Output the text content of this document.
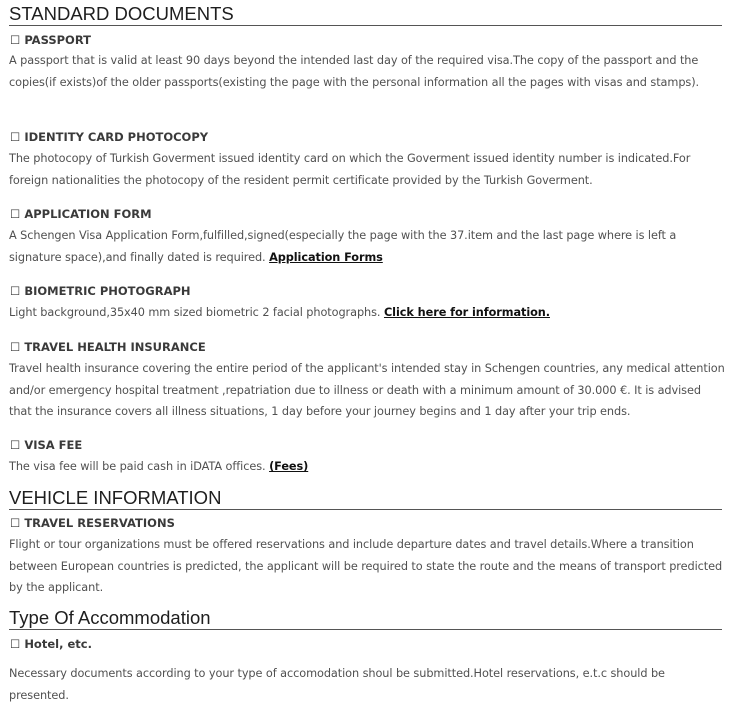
STANDARD DOCUMENTS
☐ PASSPORT
A passport that is valid at least 90 days beyond the intended last day of the required visa.The copy of the passport and the copies(if exists)of the older passports(existing the page with the personal information all the pages with visas and stamps).
☐ IDENTITY CARD PHOTOCOPY
The photocopy of Turkish Goverment issued identity card on which the Goverment issued identity number is indicated.For foreign nationalities the photocopy of the resident permit certificate provided by the Turkish Goverment.
☐ APPLICATION FORM
A Schengen Visa Application Form,fulfilled,signed(especially the page with the 37.item and the last page where is left a signature space),and finally dated is required. Application Forms
☐ BIOMETRIC PHOTOGRAPH
Light background,35x40 mm sized biometric 2 facial photographs. Click here for information.
☐ TRAVEL HEALTH INSURANCE
Travel health insurance covering the entire period of the applicant's intended stay in Schengen countries, any medical attention and/or emergency hospital treatment ,repatriation due to illness or death with a minimum amount of 30.000 €. It is advised that the insurance covers all illness situations, 1 day before your journey begins and 1 day after your trip ends.
☐ VISA FEE
The visa fee will be paid cash in iDATA offices. (Fees)
VEHICLE INFORMATION
☐ TRAVEL RESERVATIONS
Flight or tour organizations must be offered reservations and include departure dates and travel details.Where a transition between European countries is predicted, the applicant will be required to state the route and the means of transport predicted by the applicant.
Type Of Accommodation
☐ Hotel, etc.
Necessary documents according to your type of accomodation shoul be submitted.Hotel reservations, e.t.c should be presented.
